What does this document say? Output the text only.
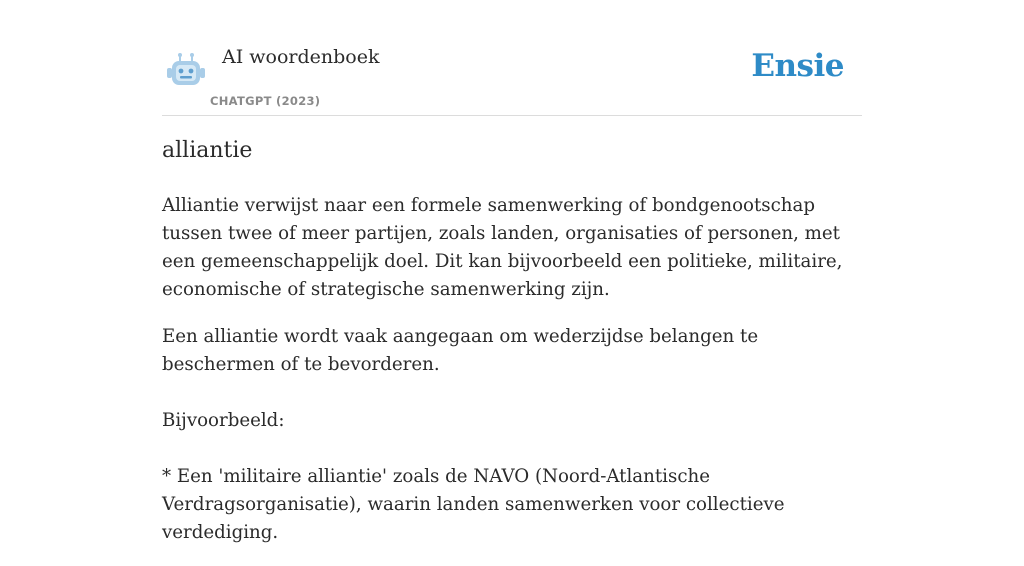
AI woordenboek
CHATGPT (2023)
Ensie
alliantie

Alliantie verwijst naar een formele samenwerking of bondgenootschap tussen twee of meer partijen, zoals landen, organisaties of personen, met een gemeenschappelijk doel. Dit kan bijvoorbeeld een politieke, militaire, economische of strategische samenwerking zijn.

Een alliantie wordt vaak aangegaan om wederzijdse belangen te beschermen of te bevorderen.

Bijvoorbeeld:

* Een 'militaire alliantie' zoals de NAVO (Noord-Atlantische Verdragsorganisatie), waarin landen samenwerken voor collectieve verdediging.
